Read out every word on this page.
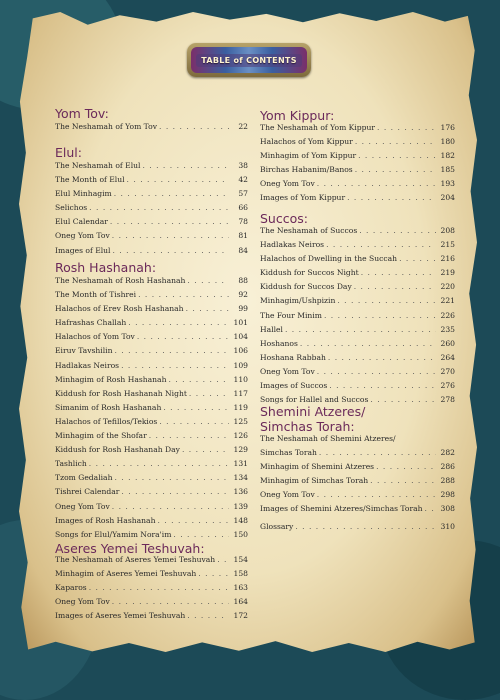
TABLE of CONTENTS
Yom Tov:
The Neshamah of Yom Tov . . .	22
Elul:
The Neshamah of Elul . . .	38
The Month of Elul . . .	42
Elul Minhagim . . .	57
Selichos . . .	66
Elul Calendar . . .	78
Oneg Yom Tov . . .	81
Images of Elul . . .	84
Rosh Hashanah:
The Neshamah of Rosh Hashanah . . .	88
The Month of Tishrei . . .	92
Halachos of Erev Rosh Hashanah . . .	99
Hafrashas Challah . . .	101
Halachos of Yom Tov . . .	104
Eiruv Tavshilin . . .	106
Hadlakas Neiros . . .	109
Minhagim of Rosh Hashanah . . .	110
Kiddush for Rosh Hashanah Night . . .	117
Simanim of Rosh Hashanah . . .	119
Halachos of Tefillos/Tekios . . .	125
Minhagim of the Shofar . . .	126
Kiddush for Rosh Hashanah Day . . .	129
Tashlich . . .	131
Tzom Gedaliah . . .	134
Tishrei Calendar . . .	136
Oneg Yom Tov . . .	139
Images of Rosh Hashanah . . .	148
Songs for Elul/Yamim Nora'im . . .	150
Aseres Yemei Teshuvah:
The Neshamah of Aseres Yemei Teshuvah . . .	154
Minhagim of Aseres Yemei Teshuvah . . .	158
Kaparos . . .	163
Oneg Yom Tov . . .	164
Images of Aseres Yemei Teshuvah . . .	172
Yom Kippur:
The Neshamah of Yom Kippur . . .	176
Halachos of Yom Kippur . . .	180
Minhagim of Yom Kippur . . .	182
Birchas Habanim/Banos . . .	185
Oneg Yom Tov . . .	193
Images of Yom Kippur . . .	204
Succos:
The Neshamah of Succos . . .	208
Hadlakas Neiros . . .	215
Halachos of Dwelling in the Succah . . .	216
Kiddush for Succos Night . . .	219
Kiddush for Succos Day . . .	220
Minhagim/Ushpizin . . .	221
The Four Minim . . .	226
Hallel . . .	235
Hoshanos . . .	260
Hoshana Rabbah . . .	264
Oneg Yom Tov . . .	270
Images of Succos . . .	276
Songs for Hallel and Succos . . .	278
Shemini Atzeres/
Simchas Torah:
The Neshamah of Shemini Atzeres/
Simchas Torah . . .	282
Minhagim of Shemini Atzeres . . .	286
Minhagim of Simchas Torah . . .	288
Oneg Yom Tov . . .	298
Images of Shemini Atzeres/Simchas Torah . . .	308
Glossary . . .	310
